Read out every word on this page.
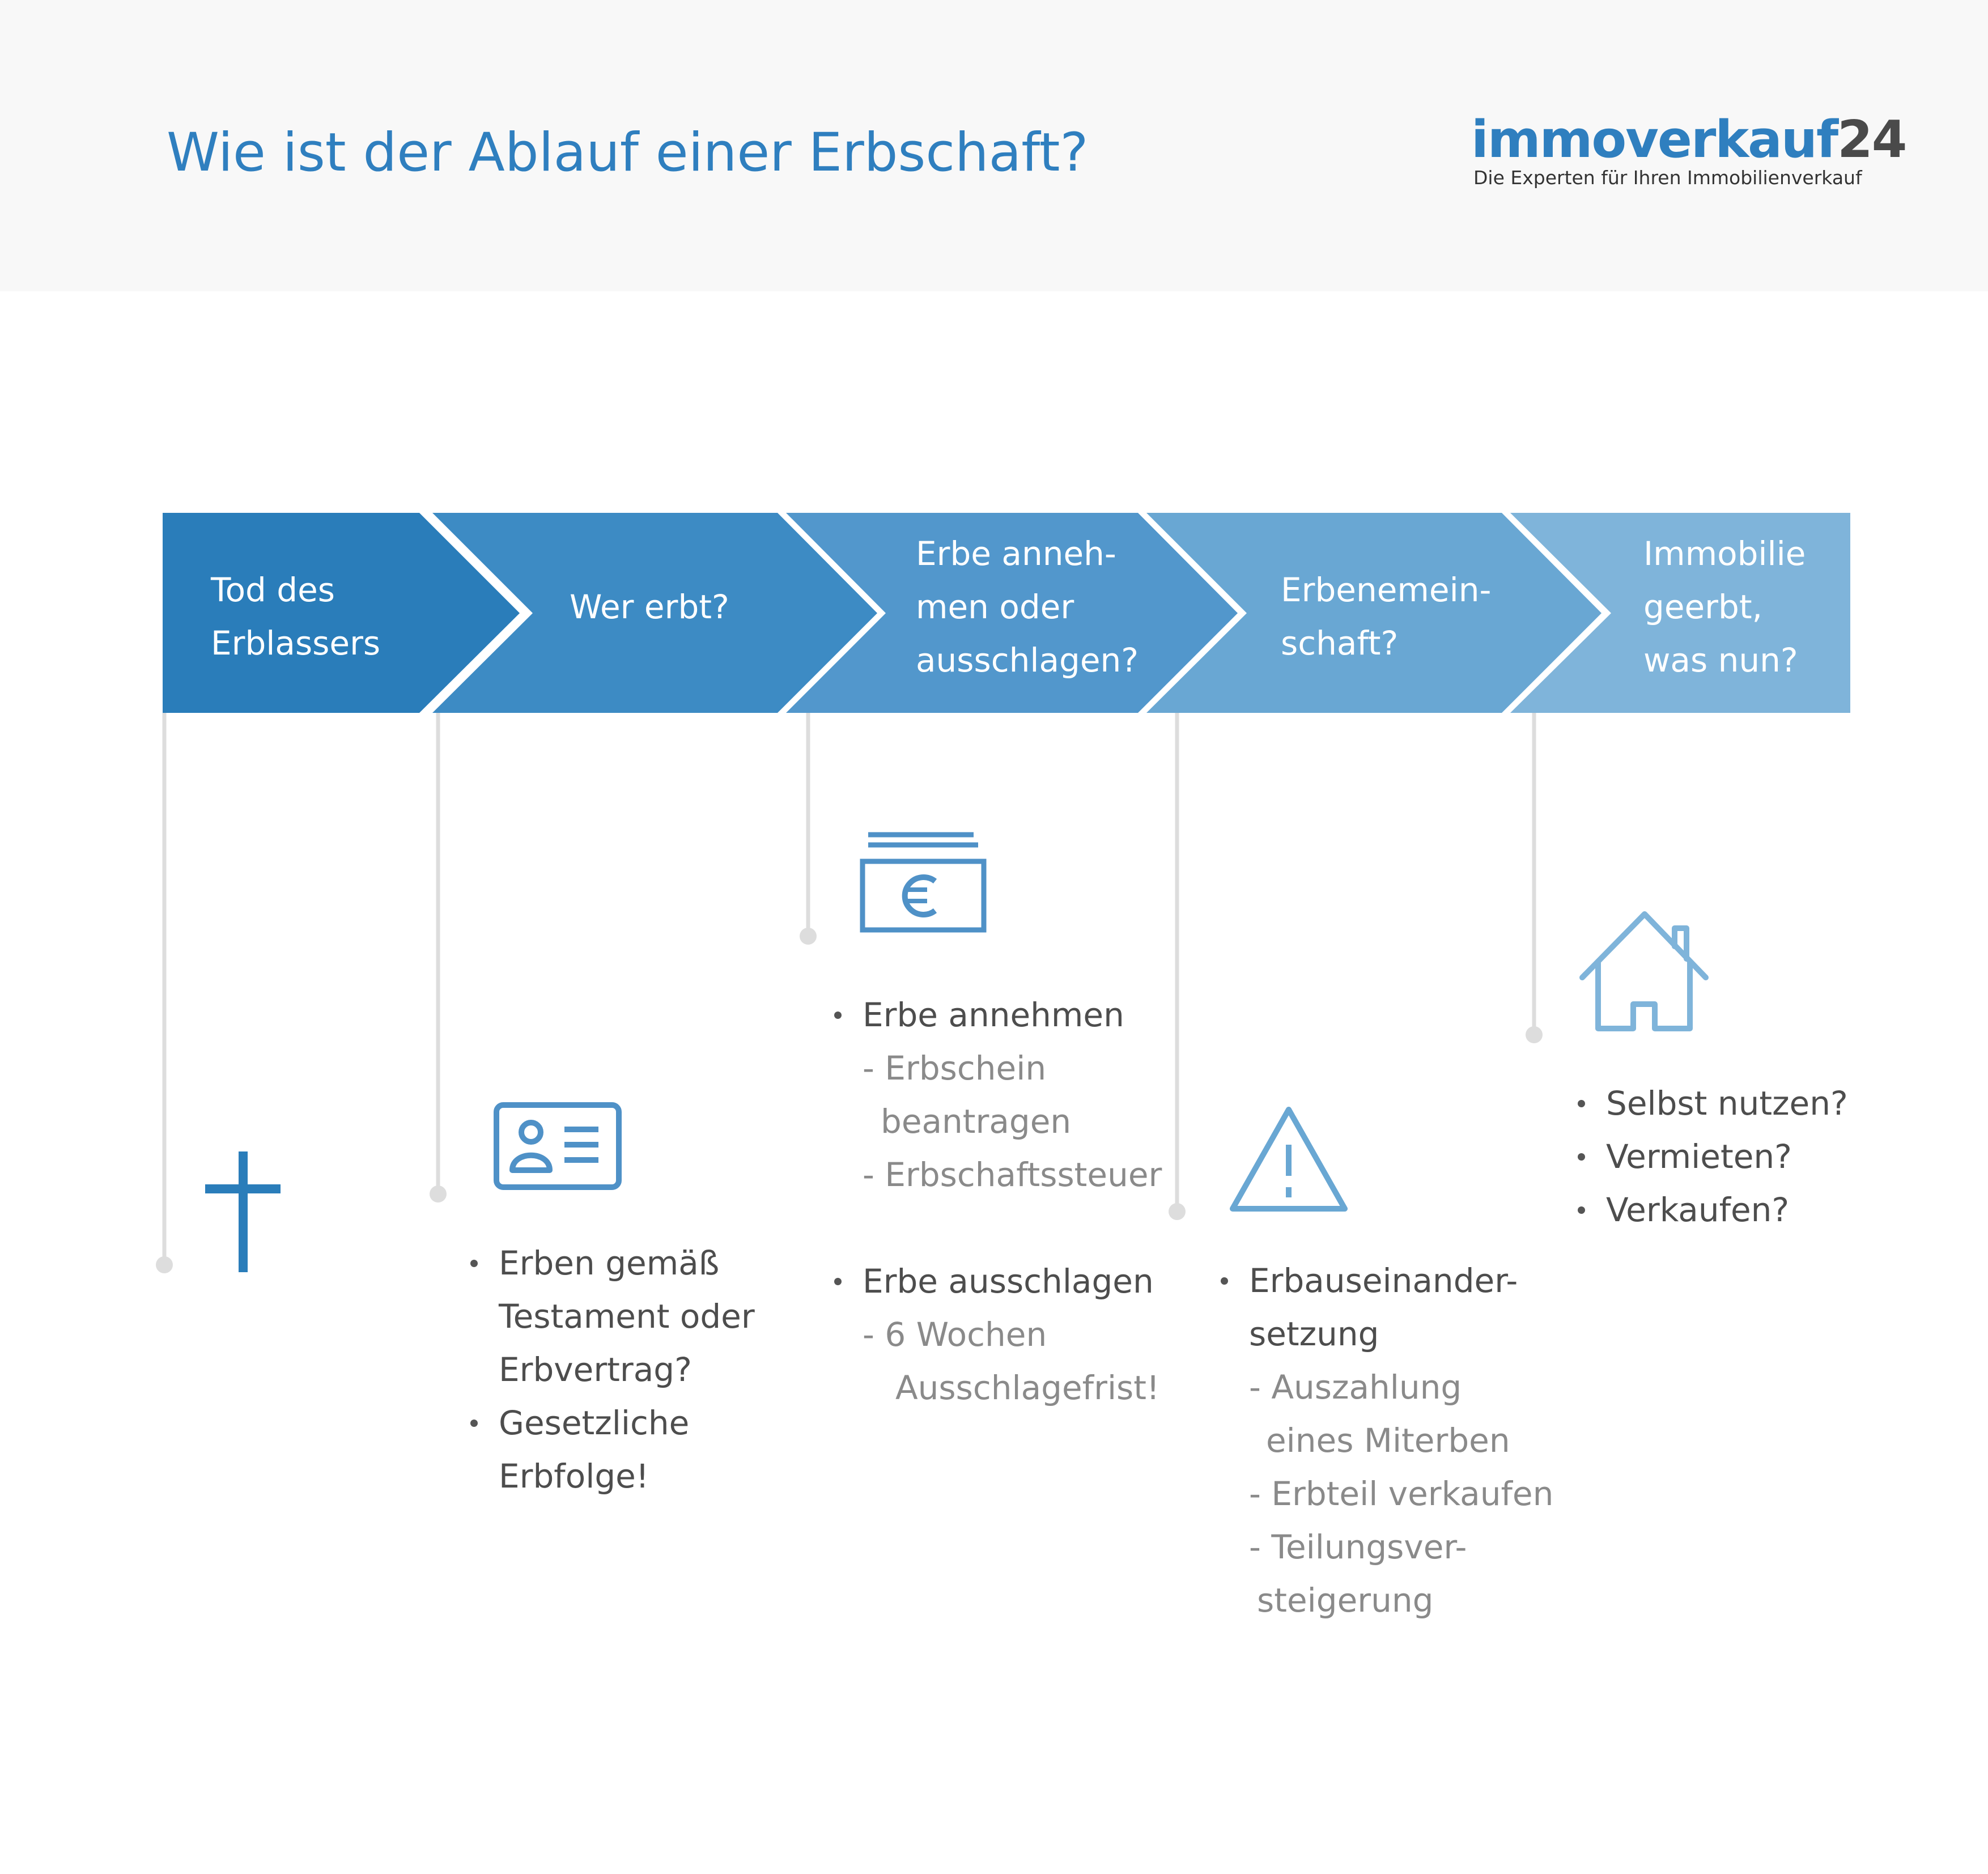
Wie ist der Ablauf einer Erbschaft?	immoverkauf24
Die Experten für Ihren Immobilienverkauf
Tod des
Erblassers
Wer erbt?
Erbe anneh-
men oder
ausschlagen?
Erbenemein-
schaft?
Immobilie
geerbt,
was nun?
Erben gemäß
Testament oder
Erbvertrag?
Gesetzliche
Erbfolge!
Erbe annehmen
- Erbschein
beantragen
- Erbschaftssteuer
Erbe ausschlagen
- 6 Wochen
Ausschlagefrist!
Erbauseinander-
setzung
- Auszahlung
eines Miterben
- Erbteil verkaufen
- Teilungsver-
steigerung
Selbst nutzen?
Vermieten?
Verkaufen?
